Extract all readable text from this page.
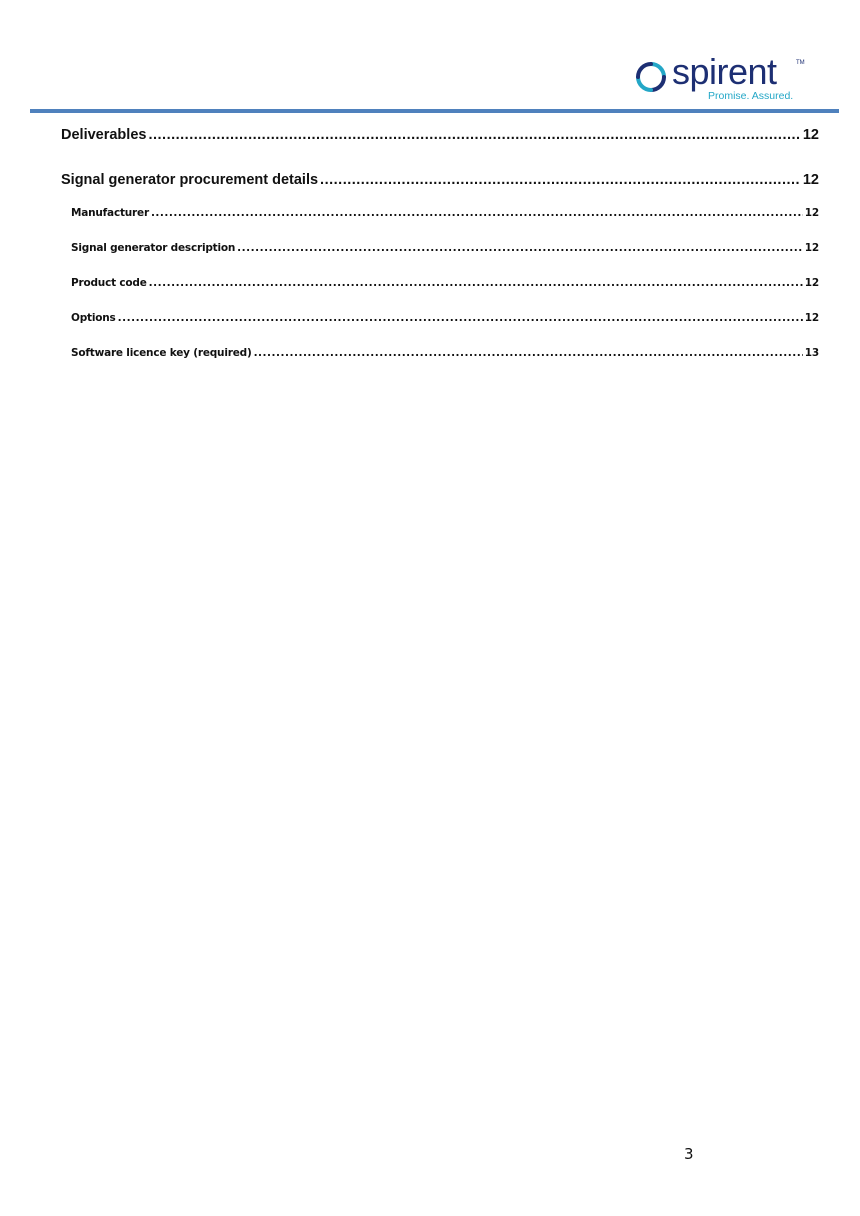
spirent	TM
Promise. Assured.
Deliverables .....	12
Signal generator procurement details .....	12
Manufacturer .....	12
Signal generator description .....	12
Product code .....	12
Options .....	12
Software licence key (required) .....	13
3
